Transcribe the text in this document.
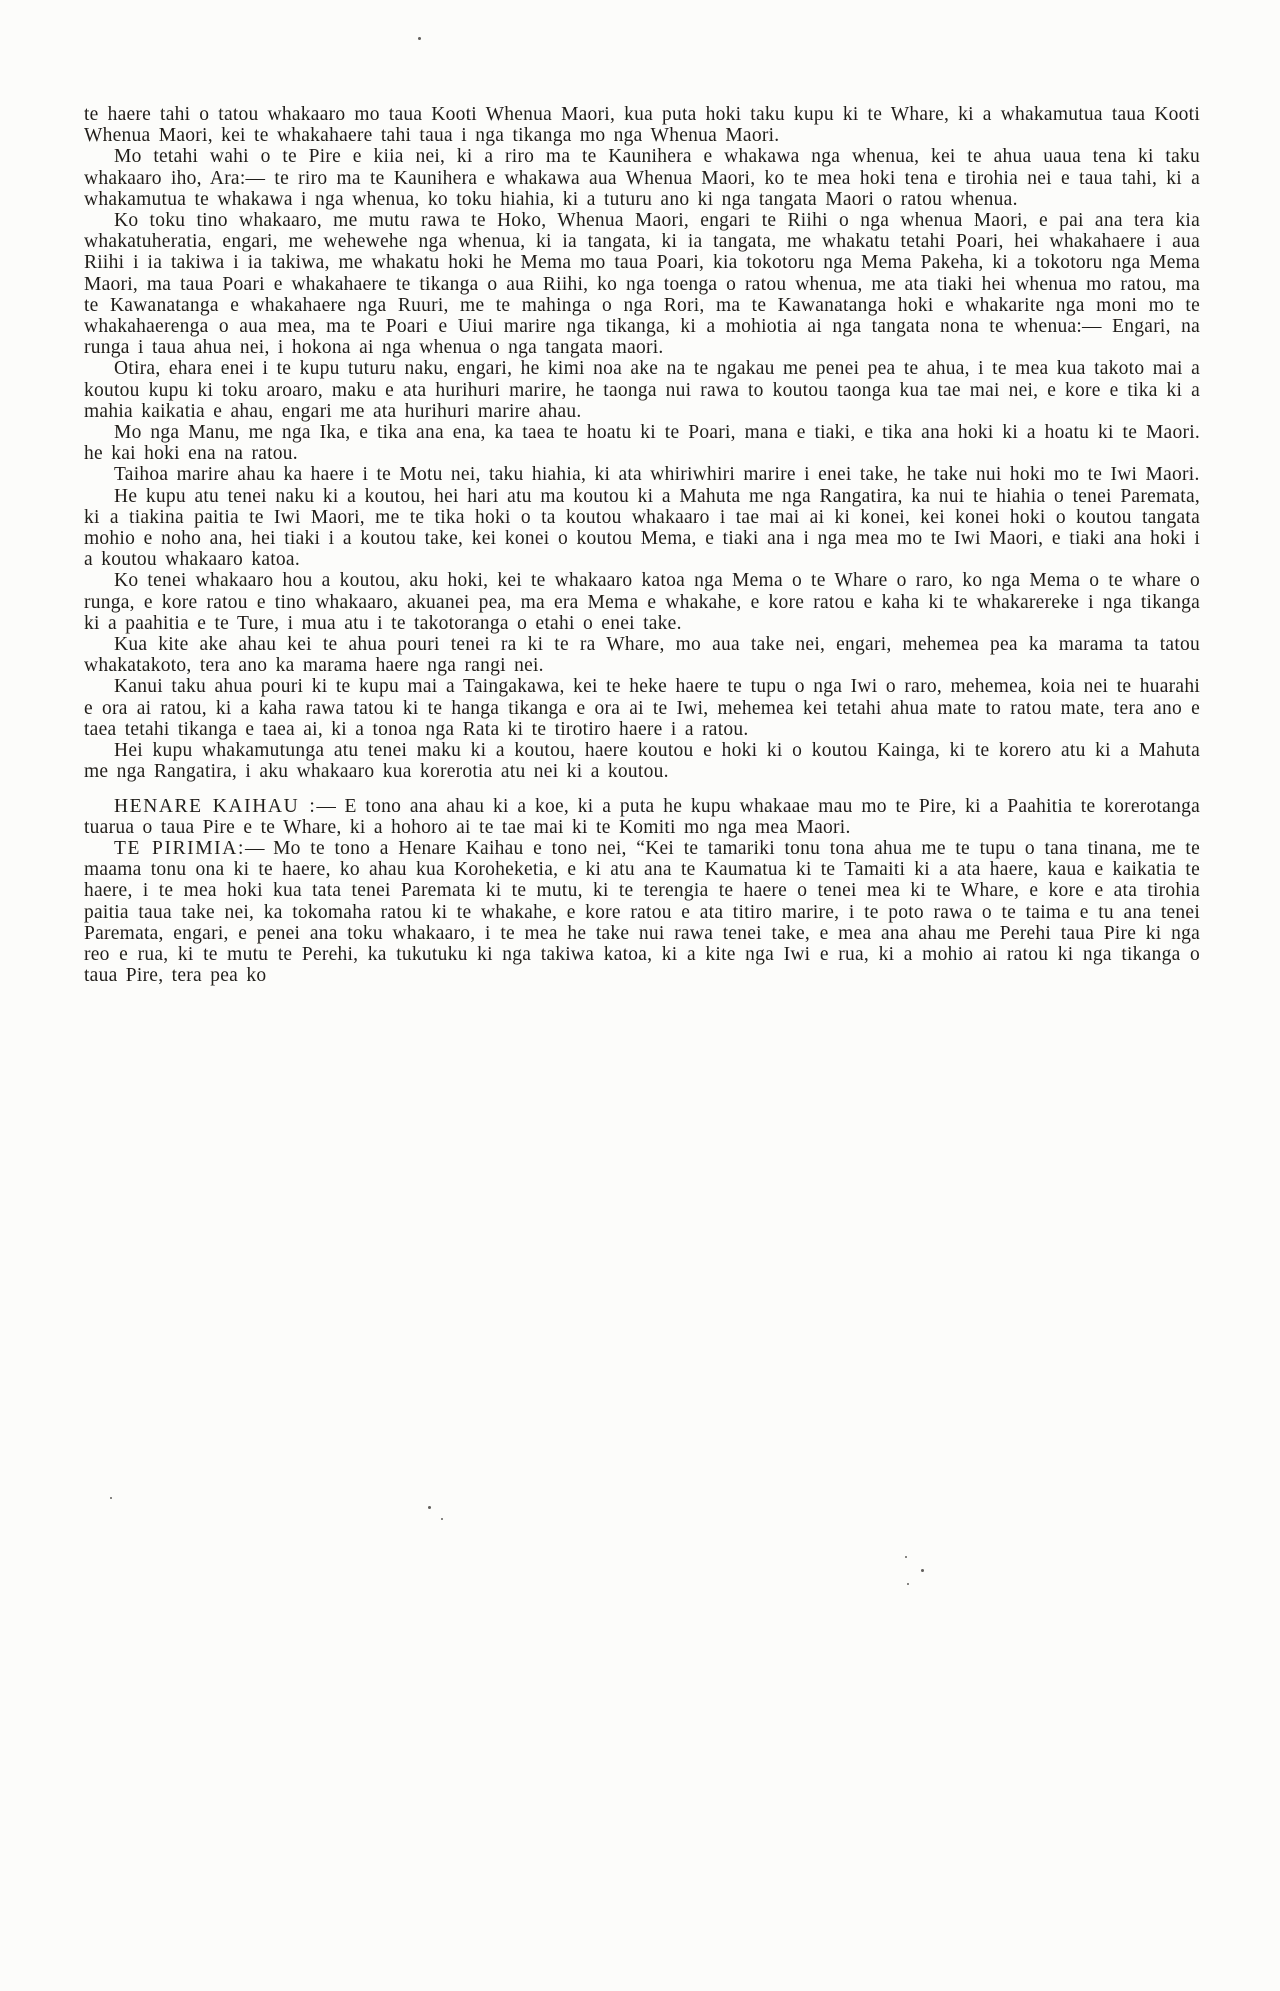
te haere tahi o tatou whakaaro mo taua Kooti Whenua Maori, kua puta hoki taku kupu ki te Whare, ki a whakamutua taua Kooti Whenua Maori, kei te whakahaere tahi taua i nga tikanga mo nga Whenua Maori.

Mo tetahi wahi o te Pire e kiia nei, ki a riro ma te Kaunihera e whakawa nga whenua, kei te ahua uaua tena ki taku whakaaro iho, Ara:— te riro ma te Kaunihera e whakawa aua Whenua Maori, ko te mea hoki tena e tirohia nei e taua tahi, ki a whakamutua te whakawa i nga whenua, ko toku hiahia, ki a tuturu ano ki nga tangata Maori o ratou whenua.

Ko toku tino whakaaro, me mutu rawa te Hoko, Whenua Maori, engari te Riihi o nga whenua Maori, e pai ana tera kia whakatuheratia, engari, me wehewehe nga whenua, ki ia tangata, ki ia tangata, me whakatu tetahi Poari, hei whakahaere i aua Riihi i ia takiwa i ia takiwa, me whakatu hoki he Mema mo taua Poari, kia tokotoru nga Mema Pakeha, ki a tokotoru nga Mema Maori, ma taua Poari e whakahaere te tikanga o aua Riihi, ko nga toenga o ratou whenua, me ata tiaki hei whenua mo ratou, ma te Kawanatanga e whakahaere nga Ruuri, me te mahinga o nga Rori, ma te Kawanatanga hoki e whakarite nga moni mo te whakahaerenga o aua mea, ma te Poari e Uiui marire nga tikanga, ki a mohiotia ai nga tangata nona te whenua:— Engari, na runga i taua ahua nei, i hokona ai nga whenua o nga tangata maori.

Otira, ehara enei i te kupu tuturu naku, engari, he kimi noa ake na te ngakau me penei pea te ahua, i te mea kua takoto mai a koutou kupu ki toku aroaro, maku e ata hurihuri marire, he taonga nui rawa to koutou taonga kua tae mai nei, e kore e tika ki a mahia kaikatia e ahau, engari me ata hurihuri marire ahau.

Mo nga Manu, me nga Ika, e tika ana ena, ka taea te hoatu ki te Poari, mana e tiaki, e tika ana hoki ki a hoatu ki te Maori. he kai hoki ena na ratou.

Taihoa marire ahau ka haere i te Motu nei, taku hiahia, ki ata whiriwhiri marire i enei take, he take nui hoki mo te Iwi Maori.

He kupu atu tenei naku ki a koutou, hei hari atu ma koutou ki a Mahuta me nga Rangatira, ka nui te hiahia o tenei Paremata, ki a tiakina paitia te Iwi Maori, me te tika hoki o ta koutou whakaaro i tae mai ai ki konei, kei konei hoki o koutou tangata mohio e noho ana, hei tiaki i a koutou take, kei konei o koutou Mema, e tiaki ana i nga mea mo te Iwi Maori, e tiaki ana hoki i a koutou whakaaro katoa.

Ko tenei whakaaro hou a koutou, aku hoki, kei te whakaaro katoa nga Mema o te Whare o raro, ko nga Mema o te whare o runga, e kore ratou e tino whakaaro, akuanei pea, ma era Mema e whakahe, e kore ratou e kaha ki te whakarereke i nga tikanga ki a paahitia e te Ture, i mua atu i te takotoranga o etahi o enei take.

Kua kite ake ahau kei te ahua pouri tenei ra ki te ra Whare, mo aua take nei, engari, mehemea pea ka marama ta tatou whakatakoto, tera ano ka marama haere nga rangi nei.

Kanui taku ahua pouri ki te kupu mai a Taingakawa, kei te heke haere te tupu o nga Iwi o raro, mehemea, koia nei te huarahi e ora ai ratou, ki a kaha rawa tatou ki te hanga tikanga e ora ai te Iwi, mehemea kei tetahi ahua mate to ratou mate, tera ano e taea tetahi tikanga e taea ai, ki a tonoa nga Rata ki te tirotiro haere i a ratou.

Hei kupu whakamutunga atu tenei maku ki a koutou, haere koutou e hoki ki o koutou Kainga, ki te korero atu ki a Mahuta me nga Rangatira, i aku whakaaro kua korerotia atu nei ki a koutou.

HENARE KAIHAU :— E tono ana ahau ki a koe, ki a puta he kupu whakaae mau mo te Pire, ki a Paahitia te korerotanga tuarua o taua Pire e te Whare, ki a hohoro ai te tae mai ki te Komiti mo nga mea Maori.

TE PIRIMIA:— Mo te tono a Henare Kaihau e tono nei, “Kei te tamariki tonu tona ahua me te tupu o tana tinana, me te maama tonu ona ki te haere, ko ahau kua Koroheketia, e ki atu ana te Kaumatua ki te Tamaiti ki a ata haere, kaua e kaikatia te haere, i te mea hoki kua tata tenei Paremata ki te mutu, ki te terengia te haere o tenei mea ki te Whare, e kore e ata tirohia paitia taua take nei, ka tokomaha ratou ki te whakahe, e kore ratou e ata titiro marire, i te poto rawa o te taima e tu ana tenei Paremata, engari, e penei ana toku whakaaro, i te mea he take nui rawa tenei take, e mea ana ahau me Perehi taua Pire ki nga reo e rua, ki te mutu te Perehi, ka tukutuku ki nga takiwa katoa, ki a kite nga Iwi e rua, ki a mohio ai ratou ki nga tikanga o taua Pire, tera pea ko
